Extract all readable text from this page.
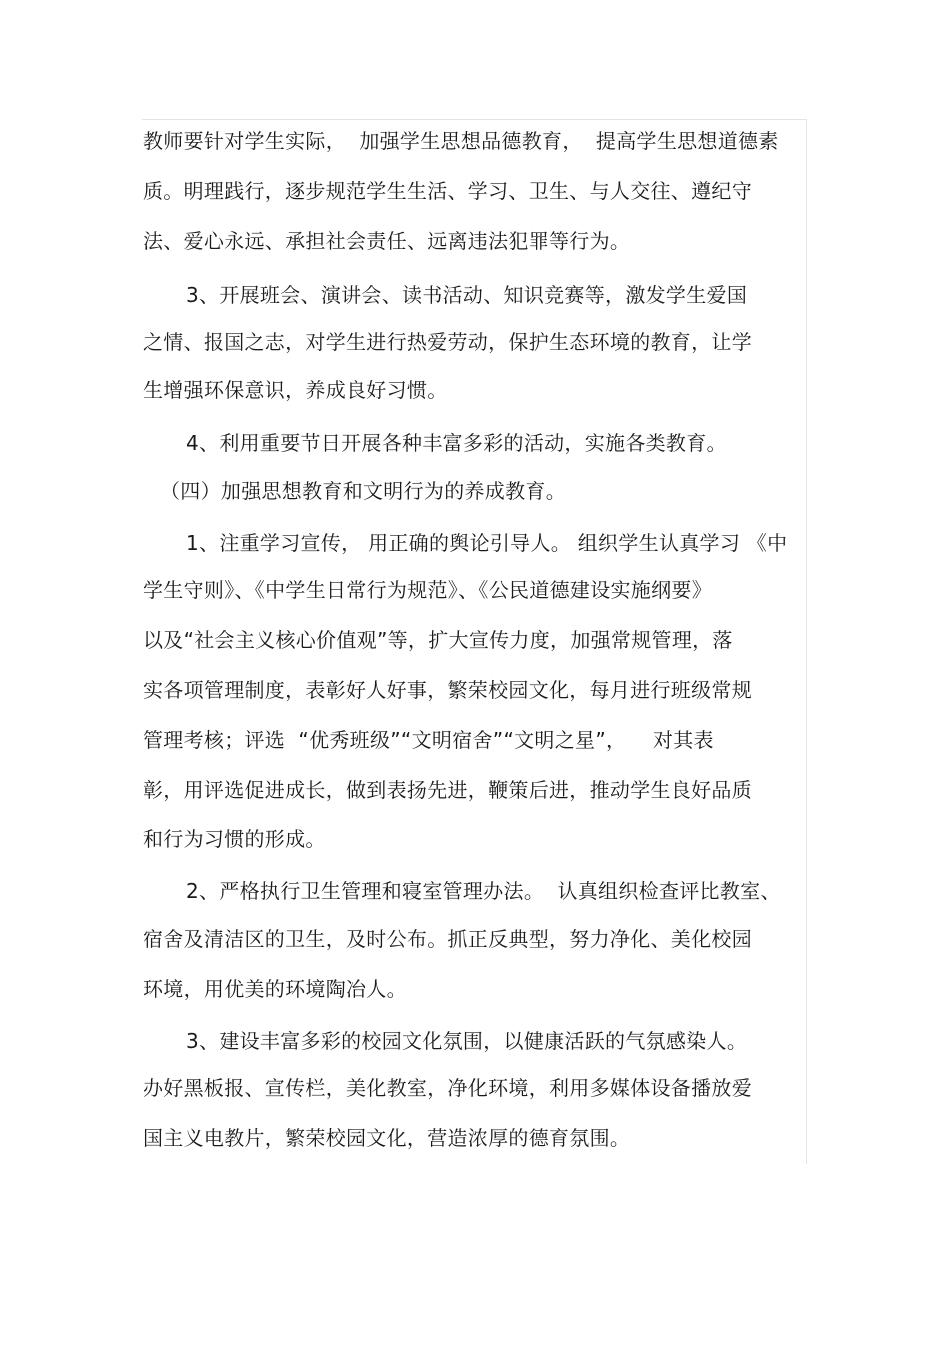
教师要针对学生实际，  加强学生思想品德教育，  提高学生思想道德素
质。明理践行，逐步规范学生生活、学习、卫生、与人交往、遵纪守
法、爱心永远、承担社会责任、远离违法犯罪等行为。
3、开展班会、演讲会、读书活动、知识竞赛等，激发学生爱国
之情、报国之志，对学生进行热爱劳动，保护生态环境的教育，让学
生增强环保意识，养成良好习惯。
4、利用重要节日开展各种丰富多彩的活动，实施各类教育。
（四）加强思想教育和文明行为的养成教育。
1、注重学习宣传， 用正确的舆论引导人。 组织学生认真学习 《中
学生守则》、《中学生日常行为规范》、《公民道德建设实施纲要》
以及“社会主义核心价值观”等，扩大宣传力度，加强常规管理，落
实各项管理制度，表彰好人好事，繁荣校园文化，每月进行班级常规
管理考核；评选  “优秀班级”“文明宿舍”“文明之星”，    对其表
彰，用评选促进成长，做到表扬先进，鞭策后进，推动学生良好品质
和行为习惯的形成。
2、严格执行卫生管理和寝室管理办法。  认真组织检查评比教室、
宿舍及清洁区的卫生，及时公布。抓正反典型，努力净化、美化校园
环境，用优美的环境陶冶人。
3、建设丰富多彩的校园文化氛围，以健康活跃的气氛感染人。
办好黑板报、宣传栏，美化教室，净化环境，利用多媒体设备播放爱
国主义电教片，繁荣校园文化，营造浓厚的德育氛围。
